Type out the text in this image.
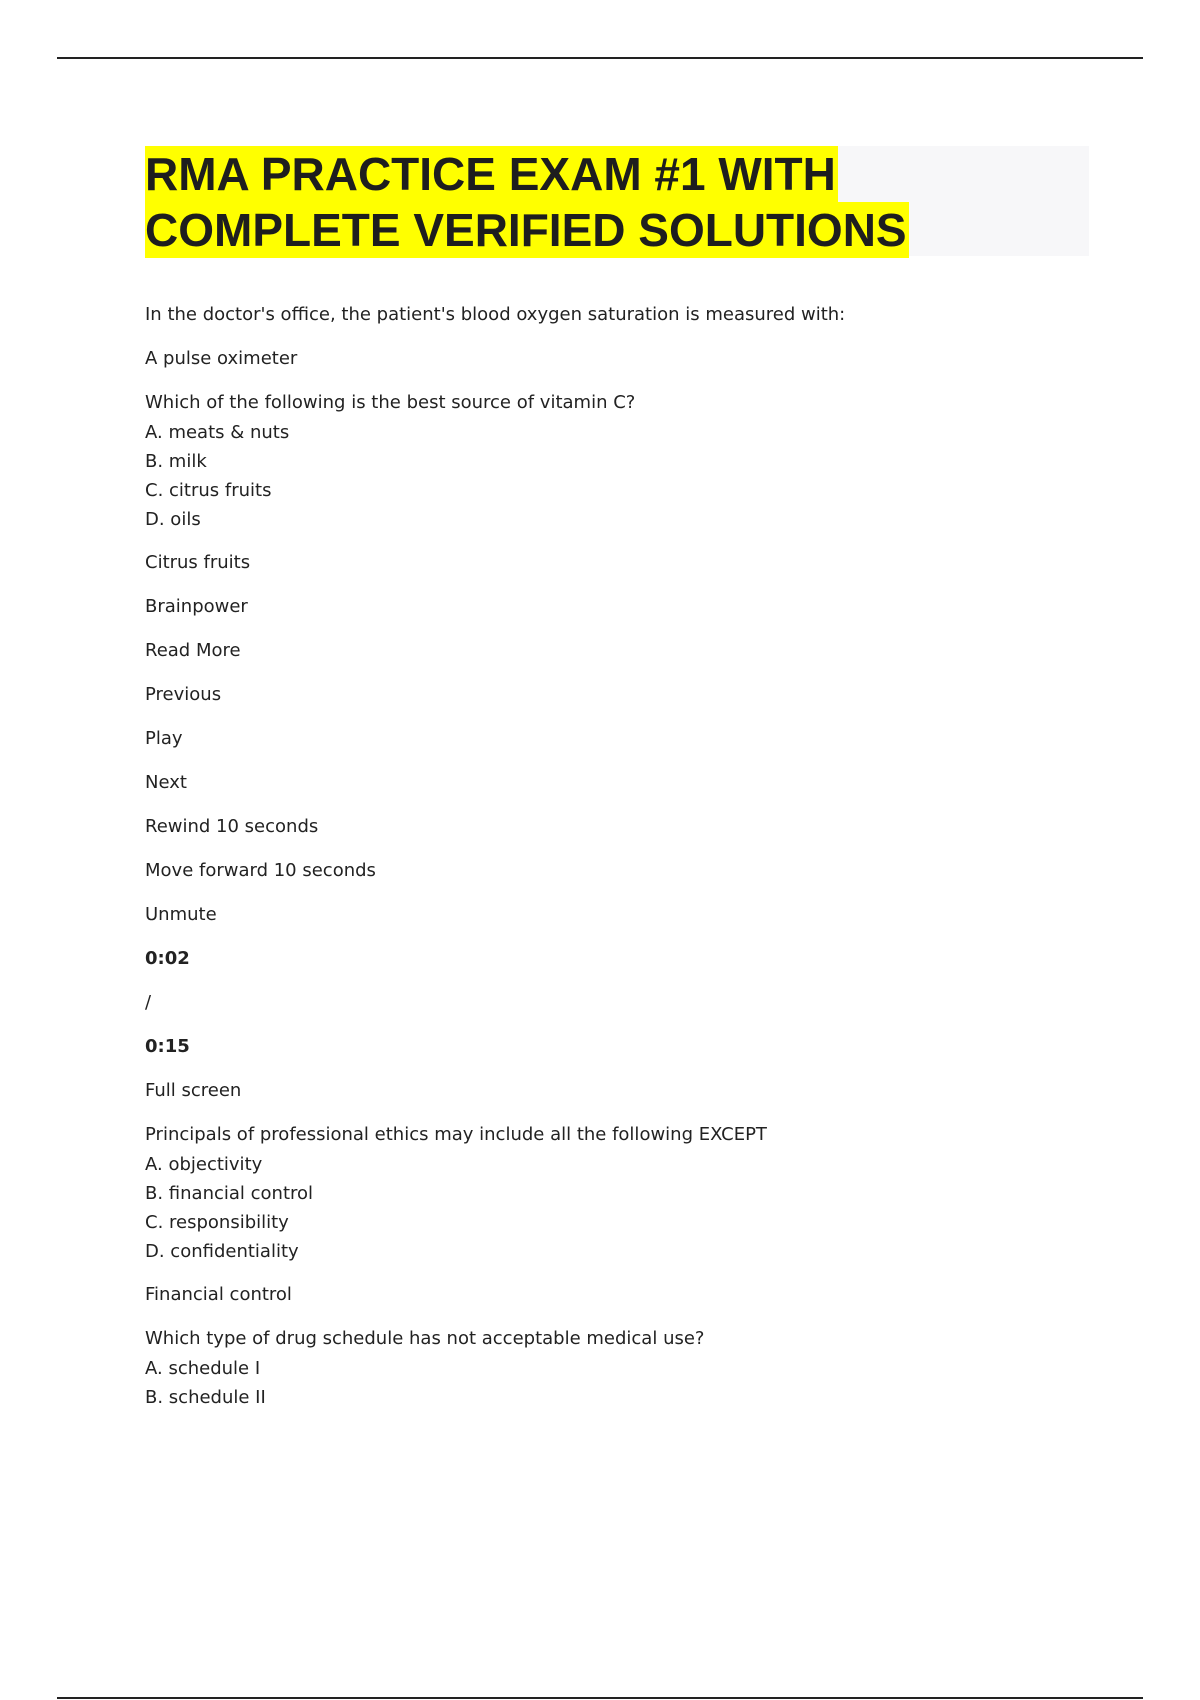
RMA PRACTICE EXAM #1 WITH
COMPLETE VERIFIED SOLUTIONS

In the doctor's office, the patient's blood oxygen saturation is measured with:

A pulse oximeter

Which of the following is the best source of vitamin C?

A. meats & nuts

B. milk

C. citrus fruits

D. oils

Citrus fruits

Brainpower

Read More

Previous

Play

Next

Rewind 10 seconds

Move forward 10 seconds

Unmute

0:02

/

0:15

Full screen

Principals of professional ethics may include all the following EXCEPT

A. objectivity

B. financial control

C. responsibility

D. confidentiality

Financial control

Which type of drug schedule has not acceptable medical use?

A. schedule I

B. schedule II
